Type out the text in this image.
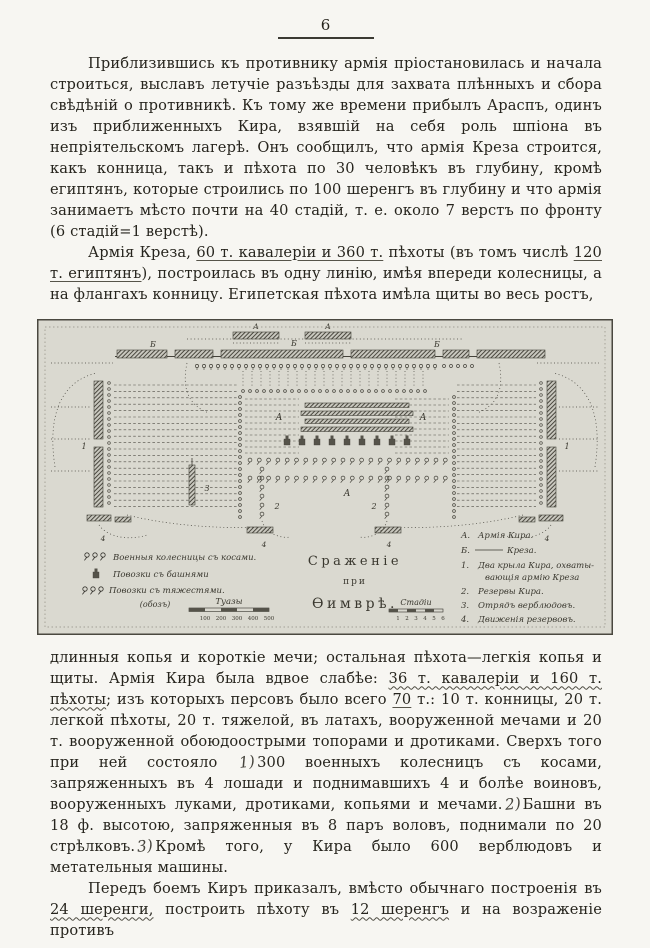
6

Приблизившись къ противнику армія пріостановилась и начала строиться, выславъ летучіе разъѣзды для захвата плѣнныхъ и сбора свѣдѣній о противникѣ. Къ тому же времени прибылъ Араспъ, одинъ изъ приближенныхъ Кира, взявшій на себя роль шпіона въ непріятельскомъ лагерѣ. Онъ сообщилъ, что армія Креза строится, какъ конница, такъ и пѣхота по 30 человѣкъ въ глубину, кромѣ египтянъ, которые строились по 100 шеренгъ въ глубину и что армія занимаетъ мѣсто почти на 40 стадій, т. е. около 7 верстъ по фронту (6 стадій=1 верстѣ).

Армія Креза, 60 т. кавалеріи и 360 т. пѣхоты (въ томъ числѣ 120 т. египтянъ), построилась въ одну линію, имѣя впереди колесницы, а на флангахъ конницу. Египетская пѣхота имѣла щиты во весь ростъ,

А	А
Б	Б	Б
А	А
А
1	1
2	2
3
4
4	4
4
Военныя колесницы съ косами.
Повозки съ башнями
Повозки съ тяжестями.
(обозъ)	Туазы
100 200 300 400 500
Сраженіе
при
Ѳимврѣ.
А. Армія Кира.
Б.	Креза.
1. Два крыла Кира, охваты-
вающія армію Креза
2. Резервы Кира.
3. Отрядъ верблюдовъ.
4. Движенія резервовъ.
Стадіи
1 2 3 4 5 6

длинныя копья и короткіе мечи; остальная пѣхота—легкія копья и щиты. Армія Кира была вдвое слабѣе: 36 т. кавалеріи и 160 т. пѣхоты; изъ которыхъ персовъ было всего 70 т.: 10 т. конницы, 20 т. легкой пѣхоты, 20 т. тяжелой, въ латахъ, вооруженной мечами и 20 т. вооруженной обоюдоострыми топорами и дротиками. Сверхъ того при ней состояло 1)300 военныхъ колесницъ съ косами, запряженныхъ въ 4 лошади и поднимавшихъ 4 и болѣе воиновъ, вооруженныхъ луками, дротиками, копьями и мечами.2)Башни въ 18 ф. высотою, запряженныя въ 8 паръ воловъ, поднимали по 20 стрѣлковъ.3)Кромѣ того, у Кира было 600 верблюдовъ и метательныя машины.

Передъ боемъ Киръ приказалъ, вмѣсто обычнаго построенія въ 24 шеренги, построить пѣхоту въ 12 шеренгъ и на возраженіе противъ
